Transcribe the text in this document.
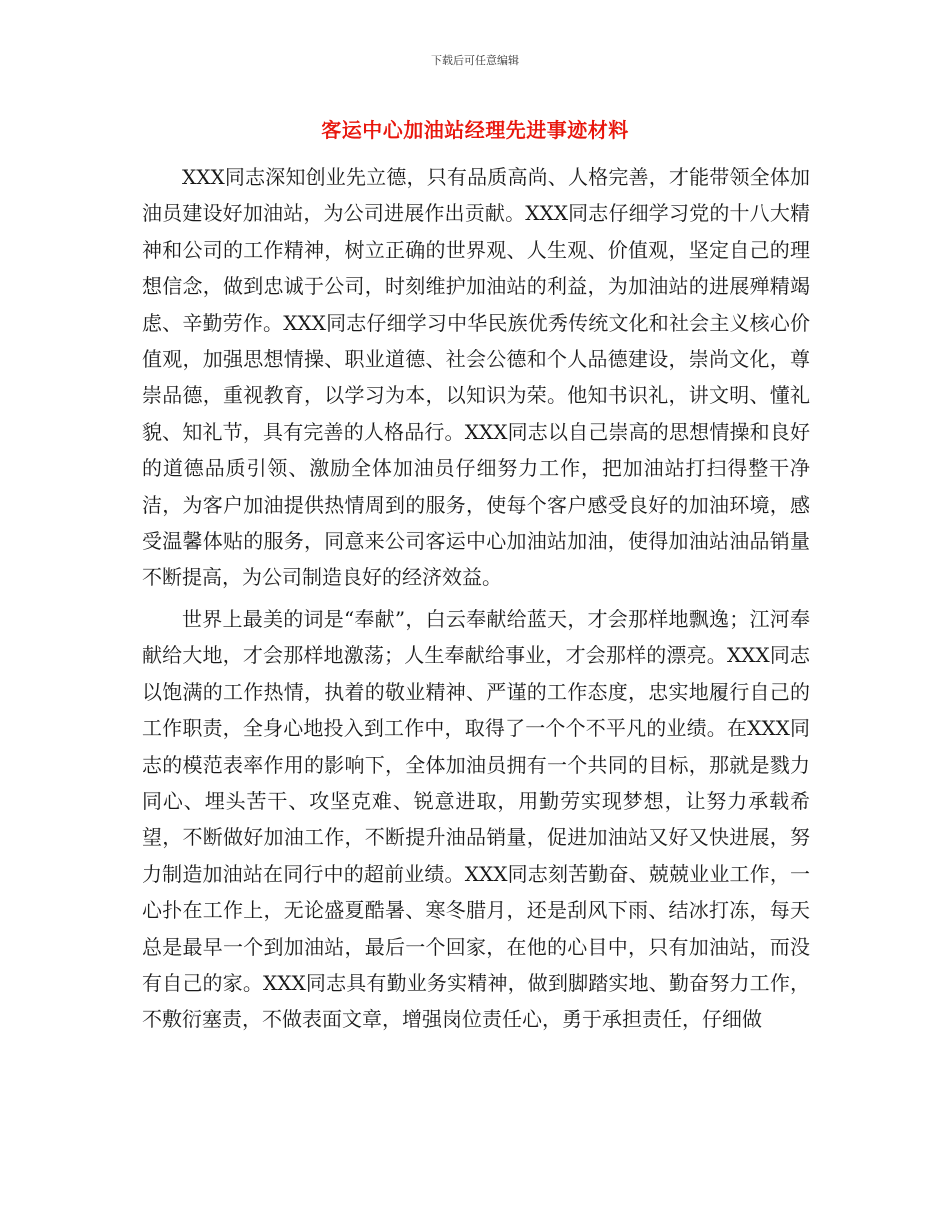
下载后可任意编辑
客运中心加油站经理先进事迹材料

XXX同志深知创业先立德，只有品质高尚、人格完善，才能带领全体加油员建设好加油站，为公司进展作出贡献。XXX同志仔细学习党的十八大精神和公司的工作精神，树立正确的世界观、人生观、价值观，坚定自己的理想信念，做到忠诚于公司，时刻维护加油站的利益，为加油站的进展殚精竭虑、辛勤劳作。XXX同志仔细学习中华民族优秀传统文化和社会主义核心价值观，加强思想情操、职业道德、社会公德和个人品德建设，崇尚文化，尊崇品德，重视教育，以学习为本，以知识为荣。他知书识礼，讲文明、懂礼貌、知礼节，具有完善的人格品行。XXX同志以自己崇高的思想情操和良好的道德品质引领、激励全体加油员仔细努力工作，把加油站打扫得整干净洁，为客户加油提供热情周到的服务，使每个客户感受良好的加油环境，感受温馨体贴的服务，同意来公司客运中心加油站加油，使得加油站油品销量不断提高，为公司制造良好的经济效益。

世界上最美的词是“奉献”，白云奉献给蓝天，才会那样地飘逸；江河奉献给大地，才会那样地激荡；人生奉献给事业，才会那样的漂亮。XXX同志以饱满的工作热情，执着的敬业精神、严谨的工作态度，忠实地履行自己的工作职责，全身心地投入到工作中，取得了一个个不平凡的业绩。在XXX同志的模范表率作用的影响下，全体加油员拥有一个共同的目标，那就是戮力同心、埋头苦干、攻坚克难、锐意进取，用勤劳实现梦想，让努力承载希望，不断做好加油工作，不断提升油品销量，促进加油站又好又快进展，努力制造加油站在同行中的超前业绩。XXX同志刻苦勤奋、兢兢业业工作，一心扑在工作上，无论盛夏酷暑、寒冬腊月，还是刮风下雨、结冰打冻，每天总是最早一个到加油站，最后一个回家，在他的心目中，只有加油站，而没有自己的家。XXX同志具有勤业务实精神，做到脚踏实地、勤奋努力工作，不敷衍塞责，不做表面文章，增强岗位责任心，勇于承担责任，仔细做
